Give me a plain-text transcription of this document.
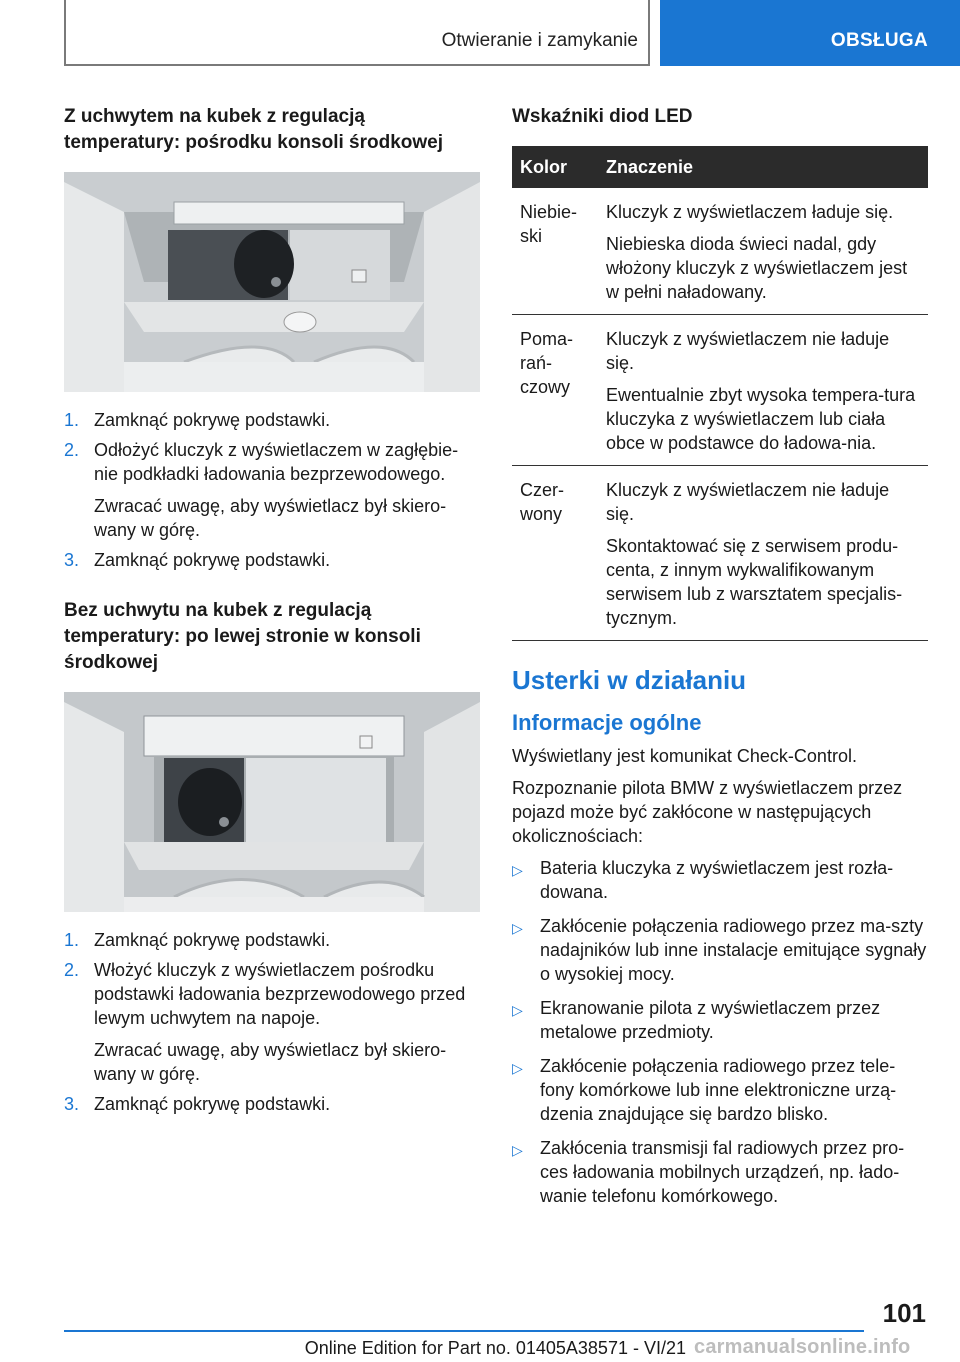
Otwieranie i zamykanie	OBSŁUGA
Z uchwytem na kubek z regulacją temperatury: pośrodku konsoli środkowej
1. Zamknąć pokrywę podstawki.
2. Odłożyć kluczyk z wyświetlaczem w zagłębie‐nie podkładki ładowania bezprzewodowego.
Zwracać uwagę, aby wyświetlacz był skiero‐wany w górę.
3. Zamknąć pokrywę podstawki.
Bez uchwytu na kubek z regulacją temperatury: po lewej stronie w konsoli środkowej
1. Zamknąć pokrywę podstawki.
2. Włożyć kluczyk z wyświetlaczem pośrodku podstawki ładowania bezprzewodowego przed lewym uchwytem na napoje.
Zwracać uwagę, aby wyświetlacz był skiero‐wany w górę.
3. Zamknąć pokrywę podstawki.
Wskaźniki diod LED
Kolor	Znaczenie
Niebie‐ski	Kluczyk z wyświetlaczem ładuje się.

Niebieska dioda świeci nadal, gdy włożony kluczyk z wyświetlaczem jest w pełni naładowany.

Poma‐rań‐czowy	Kluczyk z wyświetlaczem nie ładuje się.

Ewentualnie zbyt wysoka tempera‐tura kluczyka z wyświetlaczem lub ciała obce w podstawce do ładowa‐nia.

Czer‐wony	Kluczyk z wyświetlaczem nie ładuje się.

Skontaktować się z serwisem produ‐centa, z innym wykwalifikowanym serwisem lub z warsztatem specjalis‐tycznym.

Usterki w działaniu
Informacje ogólne

Wyświetlany jest komunikat Check-Control.

Rozpoznanie pilota BMW z wyświetlaczem przez pojazd może być zakłócone w następujących okolicznościach:

▷ Bateria kluczyka z wyświetlaczem jest rozła‐dowana.
▷ Zakłócenie połączenia radiowego przez ma‐szty nadajników lub inne instalacje emitujące sygnały o wysokiej mocy.
▷ Ekranowanie pilota z wyświetlaczem przez metalowe przedmioty.
▷ Zakłócenie połączenia radiowego przez tele‐fony komórkowe lub inne elektroniczne urzą‐dzenia znajdujące się bardzo blisko.
▷ Zakłócenia transmisji fal radiowych przez pro‐ces ładowania mobilnych urządzeń, np. łado‐wanie telefonu komórkowego.
101
Online Edition for Part no. 01405A38571 - VI/21 carmanualsonline.info
